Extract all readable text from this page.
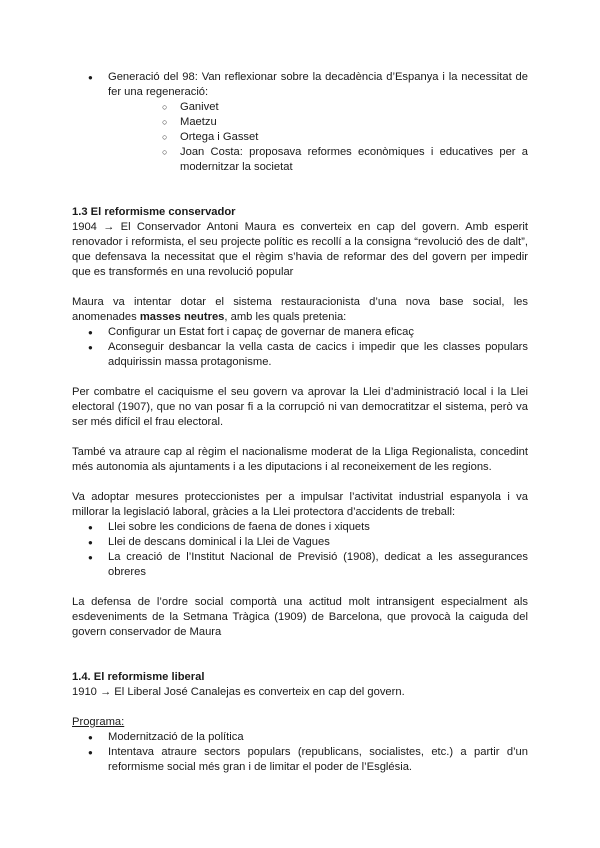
● Generació del 98: Van reflexionar sobre la decadència d’Espanya i la necessitat de fer una regeneració:
○ Ganivet
○ Maetzu
○ Ortega i Gasset
○ Joan Costa: proposava reformes econòmiques i educatives per a modernitzar la societat
1.3 El reformisme conservador

1904 → El Conservador Antoni Maura es converteix en cap del govern. Amb esperit renovador i reformista, el seu projecte polític es recollí a la consigna “revolució des de dalt”, que defensava la necessitat que el règim s’havia de reformar des del govern per impedir que es transformés en una revolució popular

Maura va intentar dotar el sistema restauracionista d’una nova base social, les anomenades masses neutres, amb les quals pretenia:

● Configurar un Estat fort i capaç de governar de manera eficaç
● Aconseguir desbancar la vella casta de cacics i impedir que les classes populars adquirissin massa protagonisme.

Per combatre el caciquisme el seu govern va aprovar la Llei d’administració local i la Llei electoral (1907), que no van posar fi a la corrupció ni van democratitzar el sistema, però va ser més difícil el frau electoral.

També va atraure cap al règim el nacionalisme moderat de la Lliga Regionalista, concedint més autonomia als ajuntaments i a les diputacions i al reconeixement de les regions.

Va adoptar mesures proteccionistes per a impulsar l’activitat industrial espanyola i va millorar la legislació laboral, gràcies a la Llei protectora d’accidents de treball:

● Llei sobre les condicions de faena de dones i xiquets
● Llei de descans dominical i la Llei de Vagues
● La creació de l’Institut Nacional de Previsió (1908), dedicat a les assegurances obreres

La defensa de l’ordre social comportà una actitud molt intransigent especialment als esdeveniments de la Setmana Tràgica (1909) de Barcelona, que provocà la caiguda del govern conservador de Maura

1.4. El reformisme liberal

1910 → El Liberal José Canalejas es converteix en cap del govern.

Programa:

● Modernització de la política
● Intentava atraure sectors populars (republicans, socialistes, etc.) a partir d’un reformisme social més gran i de limitar el poder de l’Església.
